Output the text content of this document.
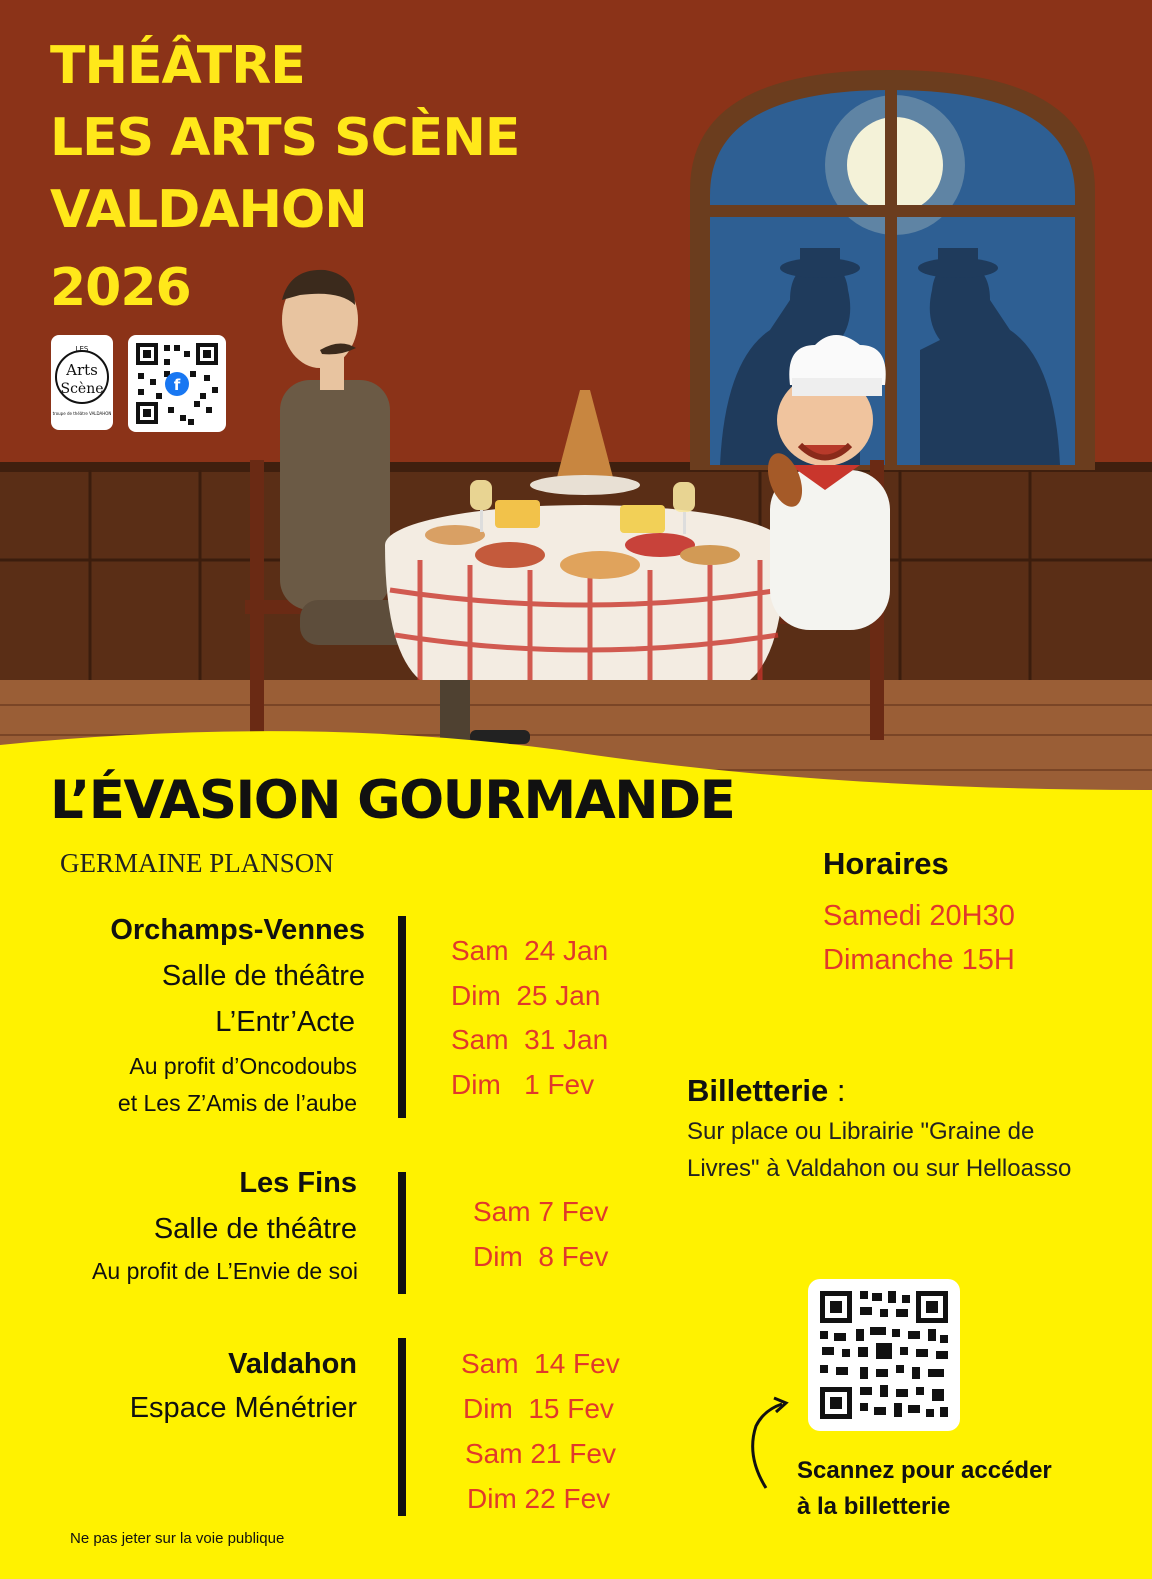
THÉÂTRE
LES ARTS SCÈNE
VALDAHON
2026
LES
Arts
Scène
troupe de théâtre VALDAHON
f
L’ÉVASION GOURMANDE
GERMAINE PLANSON
Orchamps-Vennes
Salle de théâtre
L’Entr’Acte
Au profit d’Oncodoubs
et Les Z’Amis de l’aube
Sam  24 Jan
Dim  25 Jan
Sam  31 Jan
Dim   1 Fev
Les Fins
Salle de théâtre
Au profit de L’Envie de soi
Sam 7 Fev
Dim  8 Fev
Valdahon
Espace Ménétrier
Sam  14 Fev
Dim  15 Fev
Sam 21 Fev
Dim 22 Fev
Horaires
Samedi 20H30
Dimanche 15H
Billetterie :
Sur place ou Librairie "Graine de Livres" à Valdahon ou sur Helloasso
Scannez pour accéder
à la billetterie
Ne pas jeter sur la voie publique
